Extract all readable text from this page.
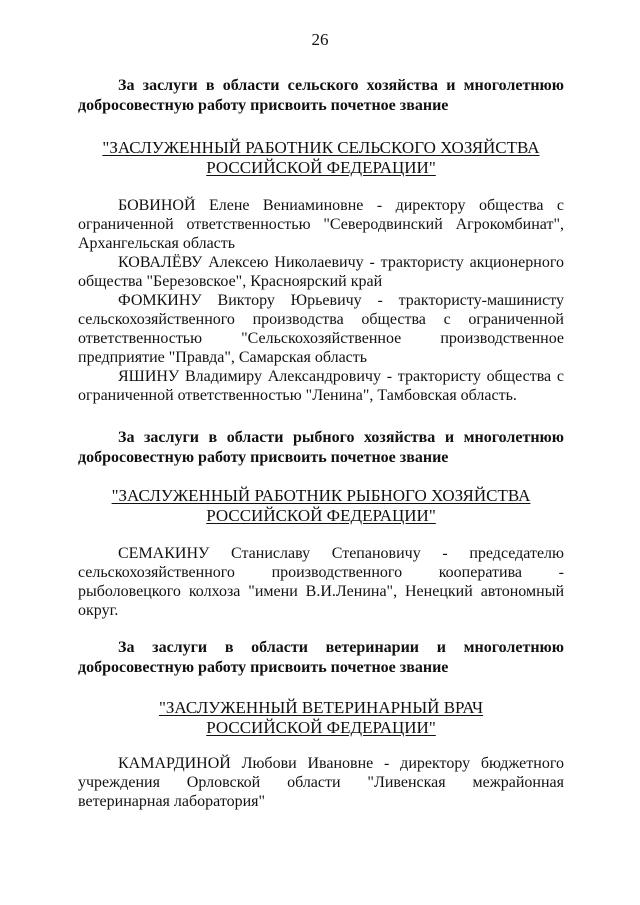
26
За заслуги в области сельского хозяйства и многолетнюю добросовестную работу присвоить почетное звание
"ЗАСЛУЖЕННЫЙ РАБОТНИК СЕЛЬСКОГО ХОЗЯЙСТВА
РОССИЙСКОЙ ФЕДЕРАЦИИ"

БОВИНОЙ Елене Вениаминовне - директору общества с ограниченной ответственностью "Северодвинский Агрокомбинат", Архангельская область

КОВАЛЁВУ Алексею Николаевичу - трактористу акционерного общества "Березовское", Красноярский край

ФОМКИНУ Виктору Юрьевичу - трактористу-машинисту сельскохозяйственного производства общества с ограниченной ответственностью "Сельскохозяйственное производственное предприятие "Правда", Самарская область

ЯШИНУ Владимиру Александровичу - трактористу общества с ограниченной ответственностью "Ленина", Тамбовская область.

За заслуги в области рыбного хозяйства и многолетнюю добросовестную работу присвоить почетное звание
"ЗАСЛУЖЕННЫЙ РАБОТНИК РЫБНОГО ХОЗЯЙСТВА
РОССИЙСКОЙ ФЕДЕРАЦИИ"

СЕМАКИНУ Станиславу Степановичу - председателю сельскохозяйственного производственного кооператива - рыболовецкого колхоза "имени В.И.Ленина", Ненецкий автономный округ.

За заслуги в области ветеринарии и многолетнюю добросовестную работу присвоить почетное звание
"ЗАСЛУЖЕННЫЙ ВЕТЕРИНАРНЫЙ ВРАЧ
РОССИЙСКОЙ ФЕДЕРАЦИИ"

КАМАРДИНОЙ Любови Ивановне - директору бюджетного учреждения Орловской области "Ливенская межрайонная ветеринарная лаборатория"
